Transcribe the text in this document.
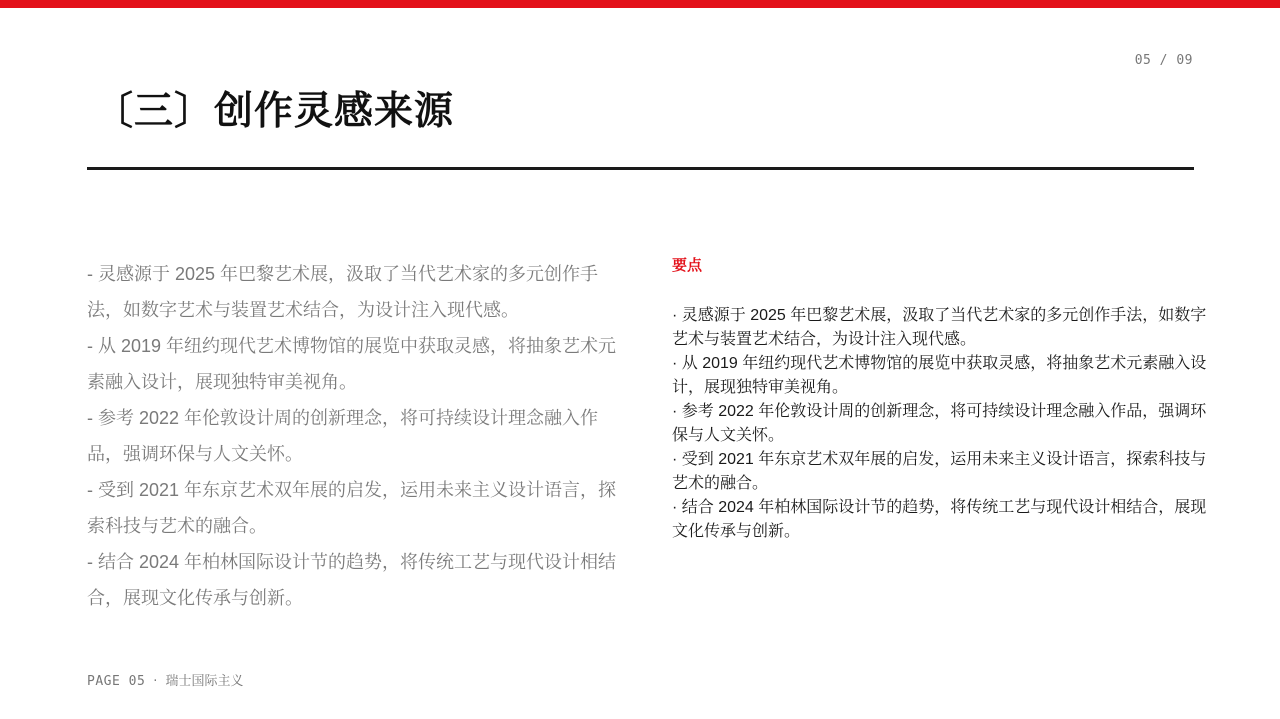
05 / 09
〔三〕创作灵感来源

- 灵感源于 2025 年巴黎艺术展，汲取了当代艺术家的多元创作手法，如数字艺术与装置艺术结合，为设计注入现代感。

- 从 2019 年纽约现代艺术博物馆的展览中获取灵感，将抽象艺术元素融入设计，展现独特审美视角。

- 参考 2022 年伦敦设计周的创新理念，将可持续设计理念融入作品，强调环保与人文关怀。

- 受到 2021 年东京艺术双年展的启发，运用未来主义设计语言，探索科技与艺术的融合。

- 结合 2024 年柏林国际设计节的趋势，将传统工艺与现代设计相结合，展现文化传承与创新。

要点

· 灵感源于 2025 年巴黎艺术展，汲取了当代艺术家的多元创作手法，如数字艺术与装置艺术结合，为设计注入现代感。

· 从 2019 年纽约现代艺术博物馆的展览中获取灵感，将抽象艺术元素融入设计，展现独特审美视角。

· 参考 2022 年伦敦设计周的创新理念，将可持续设计理念融入作品，强调环保与人文关怀。

· 受到 2021 年东京艺术双年展的启发，运用未来主义设计语言，探索科技与艺术的融合。

· 结合 2024 年柏林国际设计节的趋势，将传统工艺与现代设计相结合，展现文化传承与创新。

PAGE 05 · 瑞士国际主义
